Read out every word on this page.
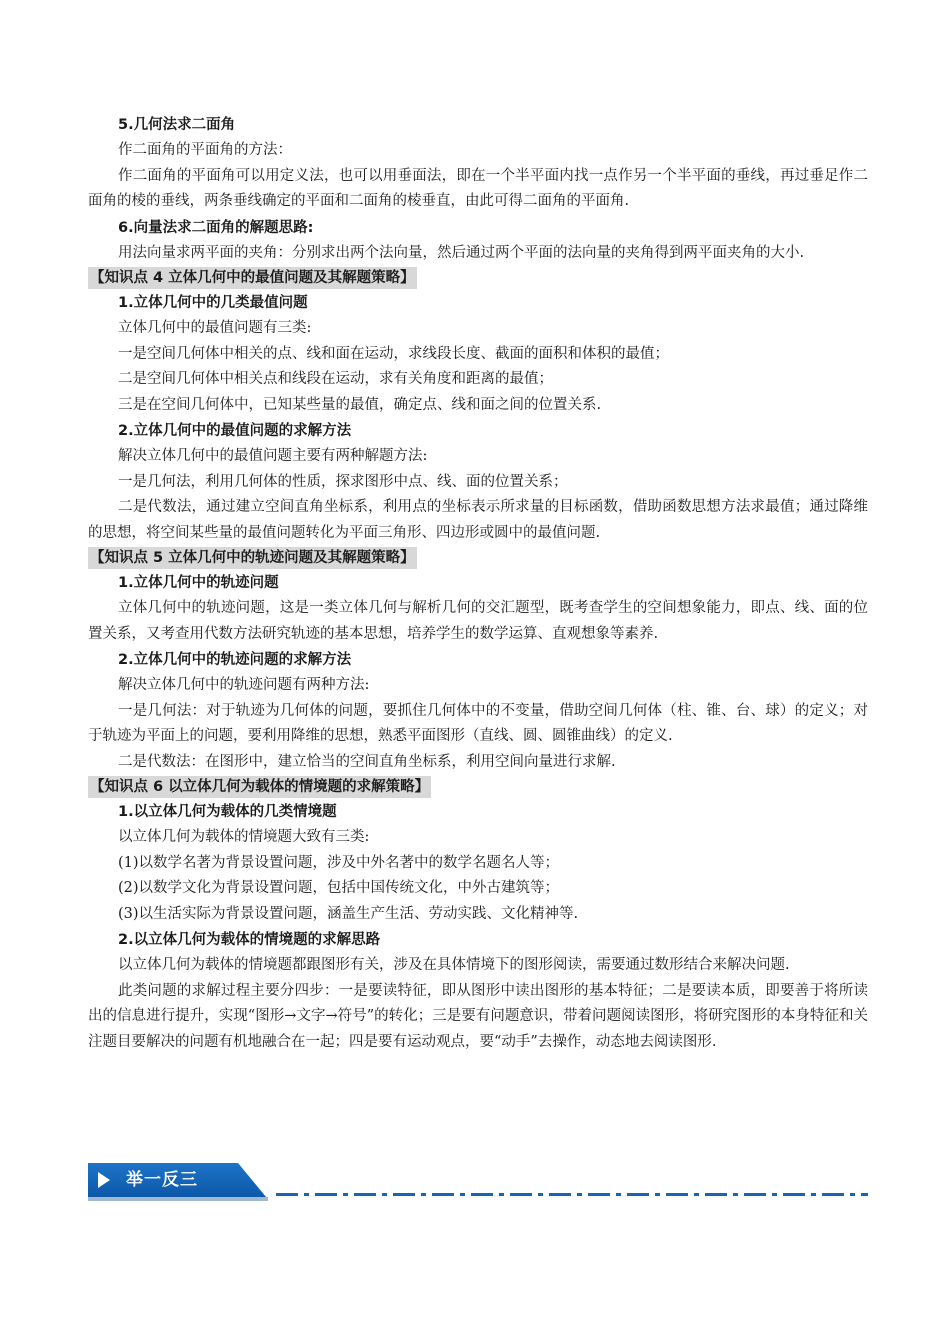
5.几何法求二面角

作二面角的平面角的方法：

作二面角的平面角可以用定义法，也可以用垂面法，即在一个半平面内找一点作另一个半平面的垂线，再过垂足作二面角的棱的垂线，两条垂线确定的平面和二面角的棱垂直，由此可得二面角的平面角.

6.向量法求二面角的解题思路:

用法向量求两平面的夹角：分别求出两个法向量，然后通过两个平面的法向量的夹角得到两平面夹角的大小.

【知识点 4 立体几何中的最值问题及其解题策略】

1.立体几何中的几类最值问题

立体几何中的最值问题有三类:

一是空间几何体中相关的点、线和面在运动，求线段长度、截面的面积和体积的最值；

二是空间几何体中相关点和线段在运动，求有关角度和距离的最值；

三是在空间几何体中，已知某些量的最值，确定点、线和面之间的位置关系.

2.立体几何中的最值问题的求解方法

解决立体几何中的最值问题主要有两种解题方法:

一是几何法，利用几何体的性质，探求图形中点、线、面的位置关系；

二是代数法，通过建立空间直角坐标系，利用点的坐标表示所求量的目标函数，借助函数思想方法求最值；通过降维的思想，将空间某些量的最值问题转化为平面三角形、四边形或圆中的最值问题.

【知识点 5 立体几何中的轨迹问题及其解题策略】

1.立体几何中的轨迹问题

立体几何中的轨迹问题，这是一类立体几何与解析几何的交汇题型，既考查学生的空间想象能力，即点、线、面的位置关系，又考查用代数方法研究轨迹的基本思想，培养学生的数学运算、直观想象等素养.

2.立体几何中的轨迹问题的求解方法

解决立体几何中的轨迹问题有两种方法:

一是几何法：对于轨迹为几何体的问题，要抓住几何体中的不变量，借助空间几何体（柱、锥、台、球）的定义；对于轨迹为平面上的问题，要利用降维的思想，熟悉平面图形（直线、圆、圆锥曲线）的定义.

二是代数法：在图形中，建立恰当的空间直角坐标系，利用空间向量进行求解.

【知识点 6 以立体几何为载体的情境题的求解策略】

1.以立体几何为载体的几类情境题

以立体几何为载体的情境题大致有三类:

(1)以数学名著为背景设置问题，涉及中外名著中的数学名题名人等；

(2)以数学文化为背景设置问题，包括中国传统文化，中外古建筑等；

(3)以生活实际为背景设置问题，涵盖生产生活、劳动实践、文化精神等.

2.以立体几何为载体的情境题的求解思路

以立体几何为载体的情境题都跟图形有关，涉及在具体情境下的图形阅读，需要通过数形结合来解决问题.

此类问题的求解过程主要分四步：一是要读特征，即从图形中读出图形的基本特征；二是要读本质，即要善于将所读出的信息进行提升，实现“图形→文字→符号”的转化；三是要有问题意识，带着问题阅读图形，将研究图形的本身特征和关注题目要解决的问题有机地融合在一起；四是要有运动观点，要“动手”去操作，动态地去阅读图形.

举一反三
